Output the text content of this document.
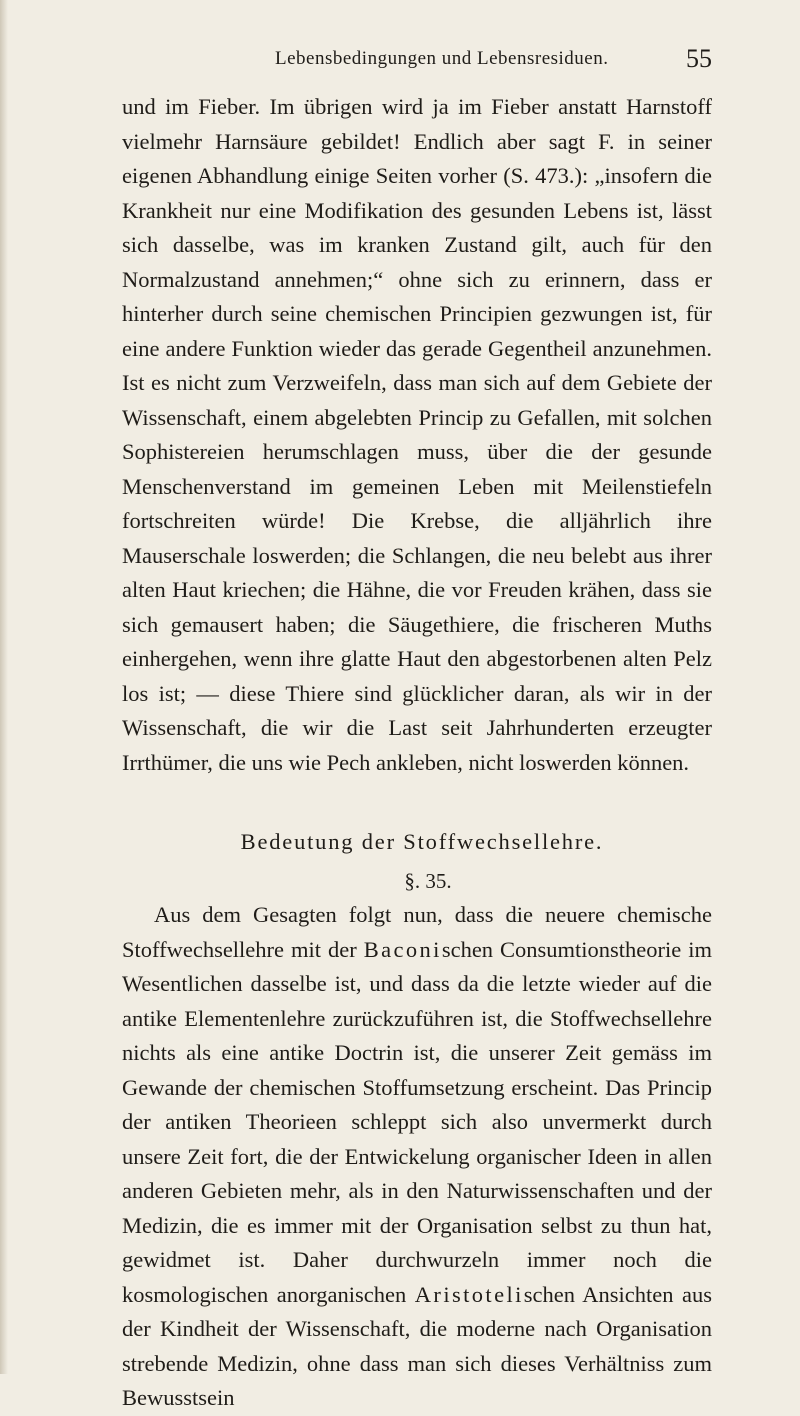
Lebensbedingungen und Lebensresiduen.	55

und im Fieber. Im übrigen wird ja im Fieber anstatt Harnstoff vielmehr Harnsäure gebildet! Endlich aber sagt F. in seiner eigenen Abhandlung einige Seiten vorher (S. 473.): „insofern die Krankheit nur eine Modifikation des gesunden Lebens ist, lässt sich dasselbe, was im kranken Zustand gilt, auch für den Normalzustand annehmen;“ ohne sich zu erinnern, dass er hinterher durch seine chemischen Principien gezwungen ist, für eine andere Funktion wieder das gerade Gegentheil anzunehmen. Ist es nicht zum Verzweifeln, dass man sich auf dem Gebiete der Wissenschaft, einem abgelebten Princip zu Gefallen, mit solchen Sophistereien herumschlagen muss, über die der gesunde Menschenverstand im gemeinen Leben mit Meilenstiefeln fortschreiten würde! Die Krebse, die alljährlich ihre Mauserschale loswerden; die Schlangen, die neu belebt aus ihrer alten Haut kriechen; die Hähne, die vor Freuden krähen, dass sie sich gemausert haben; die Säugethiere, die frischeren Muths einhergehen, wenn ihre glatte Haut den abgestorbenen alten Pelz los ist; — diese Thiere sind glücklicher daran, als wir in der Wissenschaft, die wir die Last seit Jahrhunderten erzeugter Irrthümer, die uns wie Pech ankleben, nicht loswerden können.

Bedeutung der Stoffwechsellehre.
§. 35.

Aus dem Gesagten folgt nun, dass die neuere chemische Stoffwechsellehre mit der Baconischen Consumtionstheorie im Wesentlichen dasselbe ist, und dass da die letzte wieder auf die antike Elementenlehre zurückzuführen ist, die Stoffwechsellehre nichts als eine antike Doctrin ist, die unserer Zeit gemäss im Gewande der chemischen Stoffumsetzung erscheint. Das Princip der antiken Theorieen schleppt sich also unvermerkt durch unsere Zeit fort, die der Entwickelung organischer Ideen in allen anderen Gebieten mehr, als in den Naturwissenschaften und der Medizin, die es immer mit der Organisation selbst zu thun hat, gewidmet ist. Daher durchwurzeln immer noch die kosmologischen anorganischen Aristotelischen Ansichten aus der Kindheit der Wissenschaft, die moderne nach Organisation strebende Medizin, ohne dass man sich dieses Verhältniss zum Bewusstsein
